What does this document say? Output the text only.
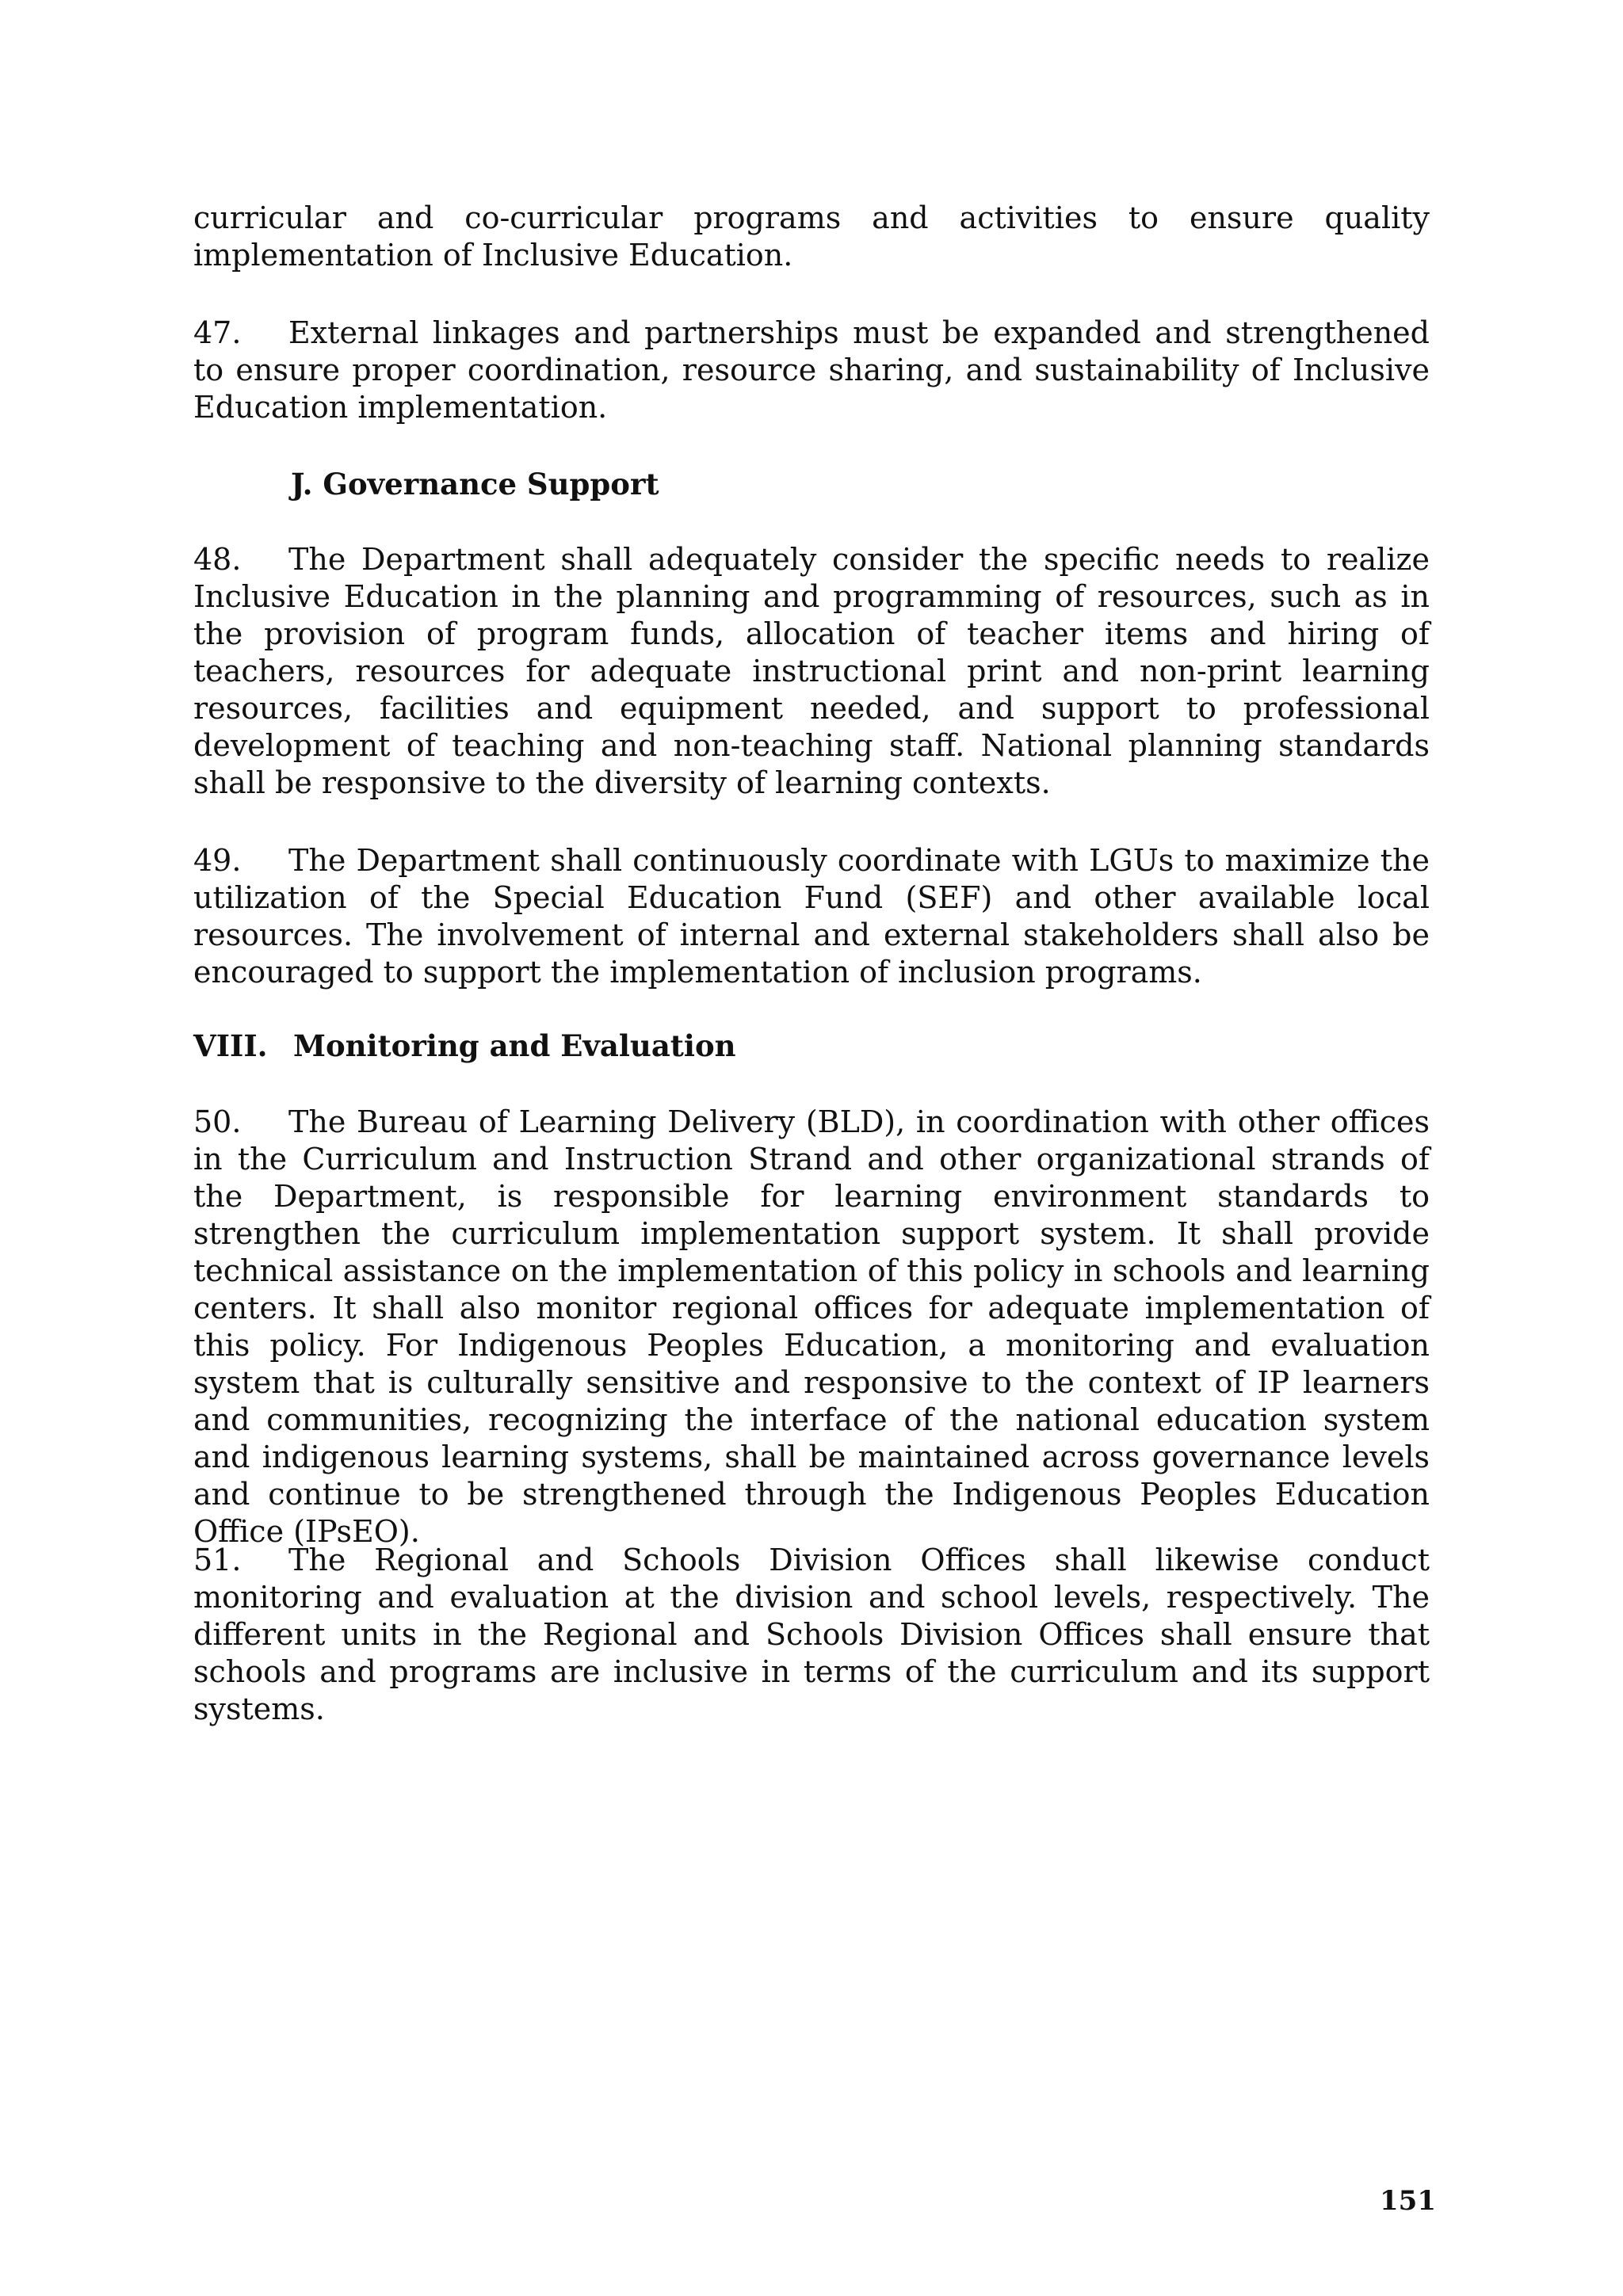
curricular and co-curricular programs and activities to ensure quality implementation of Inclusive Education.

47. External linkages and partnerships must be expanded and strengthened to ensure proper coordination, resource sharing, and sustainability of Inclusive Education implementation.

J. Governance Support

48. The Department shall adequately consider the specific needs to realize Inclusive Education in the planning and programming of resources, such as in the provision of program funds, allocation of teacher items and hiring of teachers, resources for adequate instructional print and non-print learning resources, facilities and equipment needed, and support to professional development of teaching and non-teaching staff. National planning standards shall be responsive to the diversity of learning contexts.

49. The Department shall continuously coordinate with LGUs to maximize the utilization of the Special Education Fund (SEF) and other available local resources. The involvement of internal and external stakeholders shall also be encouraged to support the implementation of inclusion programs.

VIII. Monitoring and Evaluation

50. The Bureau of Learning Delivery (BLD), in coordination with other offices in the Curriculum and Instruction Strand and other organizational strands of the Department, is responsible for learning environment standards to strengthen the curriculum implementation support system. It shall provide technical assistance on the implementation of this policy in schools and learning centers. It shall also monitor regional offices for adequate implementation of this policy. For Indigenous Peoples Education, a monitoring and evaluation system that is culturally sensitive and responsive to the context of IP learners and communities, recognizing the interface of the national education system and indigenous learning systems, shall be maintained across governance levels and continue to be strengthened through the Indigenous Peoples Education Office (IPsEO).

51. The Regional and Schools Division Offices shall likewise conduct monitoring and evaluation at the division and school levels, respectively. The different units in the Regional and Schools Division Offices shall ensure that schools and programs are inclusive in terms of the curriculum and its support systems.

151
